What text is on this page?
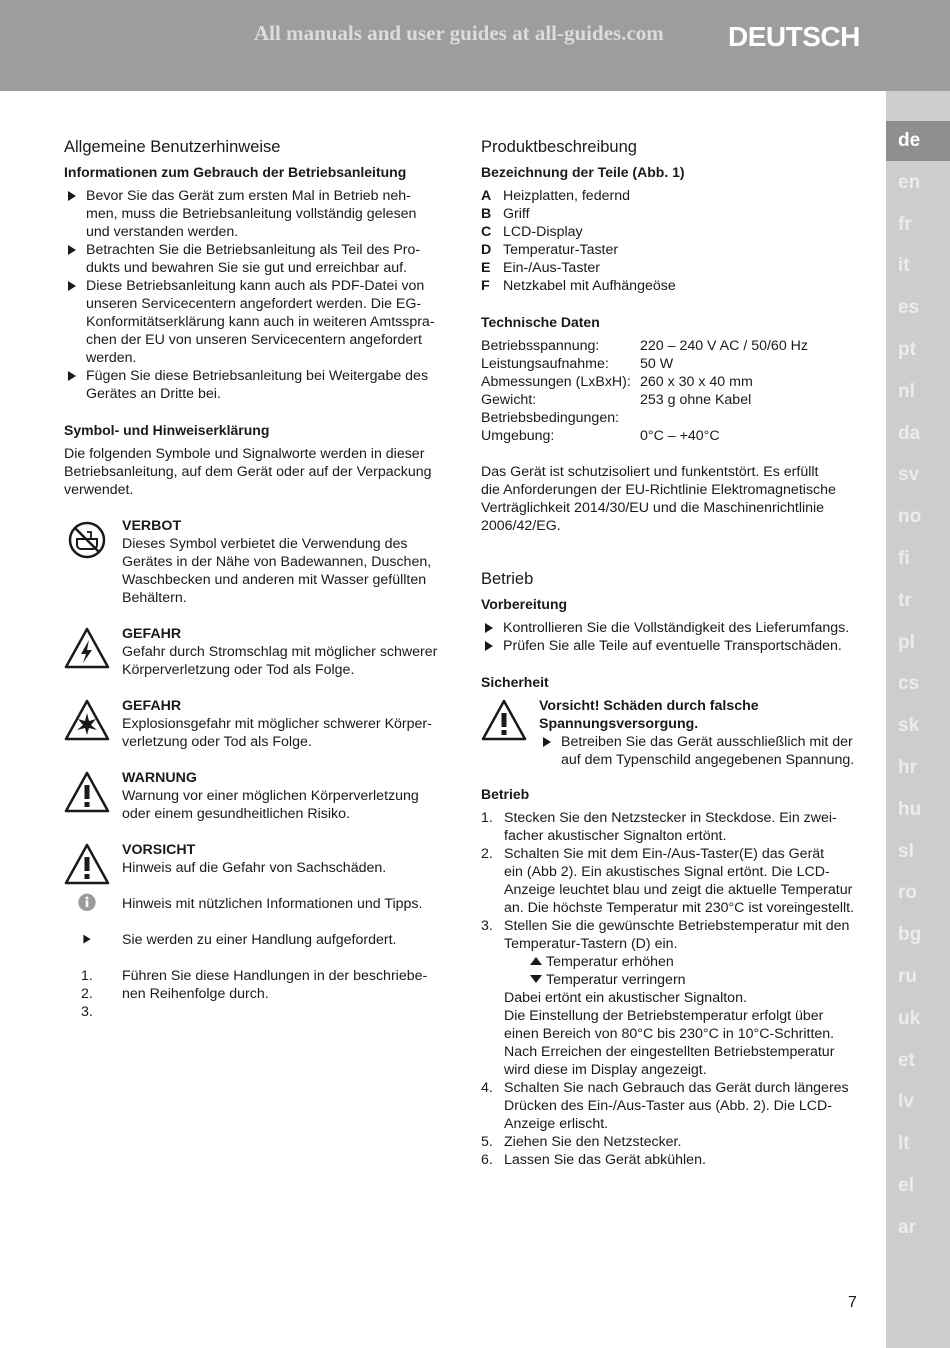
All manuals and user guides at all-guides.com DEUTSCH
de
en
fr
it
es
pt
nl
da
sv
no
fi
tr
pl
cs
sk
hr
hu
sl
ro
bg
ru
uk
et
lv
lt
el
ar
Allgemeine Benutzerhinweise
Informationen zum Gebrauch der Betriebsanleitung
Bevor Sie das Gerät zum ersten Mal in Betrieb neh-
men, muss die Betriebsanleitung vollständig gelesen
und verstanden werden.
Betrachten Sie die Betriebsanleitung als Teil des Pro-
dukts und bewahren Sie sie gut und erreichbar auf.
Diese Betriebsanleitung kann auch als PDF-Datei von
unseren Servicecentern angefordert werden. Die EG-
Konformitätserklärung kann auch in weiteren Amtsspra-
chen der EU von unseren Servicecentern angefordert
werden.
Fügen Sie diese Betriebsanleitung bei Weitergabe des
Gerätes an Dritte bei.
Symbol- und Hinweiserklärung

Die folgenden Symbole und Signalworte werden in dieser
Betriebsanleitung, auf dem Gerät oder auf der Verpackung
verwendet.

VERBOT
Dieses Symbol verbietet die Verwendung des
Gerätes in der Nähe von Badewannen, Duschen,
Waschbecken und anderen mit Wasser gefüllten
Behältern.
GEFAHR
Gefahr durch Stromschlag mit möglicher schwerer
Körperverletzung oder Tod als Folge.
GEFAHR
Explosionsgefahr mit möglicher schwerer Körper-
verletzung oder Tod als Folge.
WARNUNG
Warnung vor einer möglichen Körperverletzung
oder einem gesundheitlichen Risiko.
VORSICHT
Hinweis auf die Gefahr von Sachschäden.
Hinweis mit nützlichen Informationen und Tipps.
Sie werden zu einer Handlung aufgefordert.
1.
2.
3.
Führen Sie diese Handlungen in der beschriebe-
nen Reihenfolge durch.
Produktbeschreibung
Bezeichnung der Teile (Abb. 1)
A Heizplatten, federnd
B Griff
C LCD-Display
D Temperatur-Taster
E Ein-/Aus-Taster
F Netzkabel mit Aufhängeöse
Technische Daten
Betriebsspannung:	220 – 240 V AC / 50/60 Hz
Leistungsaufnahme:	50 W
Abmessungen (LxBxH): 260 x 30 x 40 mm
Gewicht:	253 g ohne Kabel
Betriebsbedingungen:
Umgebung:	0°C – +40°C

Das Gerät ist schutzisoliert und funkentstört. Es erfüllt
die Anforderungen der EU-Richtlinie Elektromagnetische
Verträglichkeit 2014/30/EU und die Maschinenrichtlinie
2006/42/EG.

Betrieb
Vorbereitung
Kontrollieren Sie die Vollständigkeit des Lieferumfangs.
Prüfen Sie alle Teile auf eventuelle Transportschäden.
Sicherheit
Vorsicht! Schäden durch falsche
Spannungsversorgung.
Betreiben Sie das Gerät ausschließlich mit der
auf dem Typenschild angegebenen Spannung.
Betrieb
1. Stecken Sie den Netzstecker in Steckdose. Ein zwei-
facher akustischer Signalton ertönt.
2. Schalten Sie mit dem Ein-/Aus-Taster(E) das Gerät
ein (Abb 2). Ein akustisches Signal ertönt. Die LCD-
Anzeige leuchtet blau und zeigt die aktuelle Temperatur
an. Die höchste Temperatur mit 230°C ist voreingestellt.
3. Stellen Sie die gewünschte Betriebstemperatur mit den
Temperatur-Tastern (D) ein.
Temperatur erhöhen
Temperatur verringern
Dabei ertönt ein akustischer Signalton.
Die Einstellung der Betriebstemperatur erfolgt über
einen Bereich von 80°C bis 230°C in 10°C-Schritten.
Nach Erreichen der eingestellten Betriebstemperatur
wird diese im Display angezeigt.
4. Schalten Sie nach Gebrauch das Gerät durch längeres
Drücken des Ein-/Aus-Taster aus (Abb. 2). Die LCD-
Anzeige erlischt.
5. Ziehen Sie den Netzstecker.
6. Lassen Sie das Gerät abkühlen.
7
